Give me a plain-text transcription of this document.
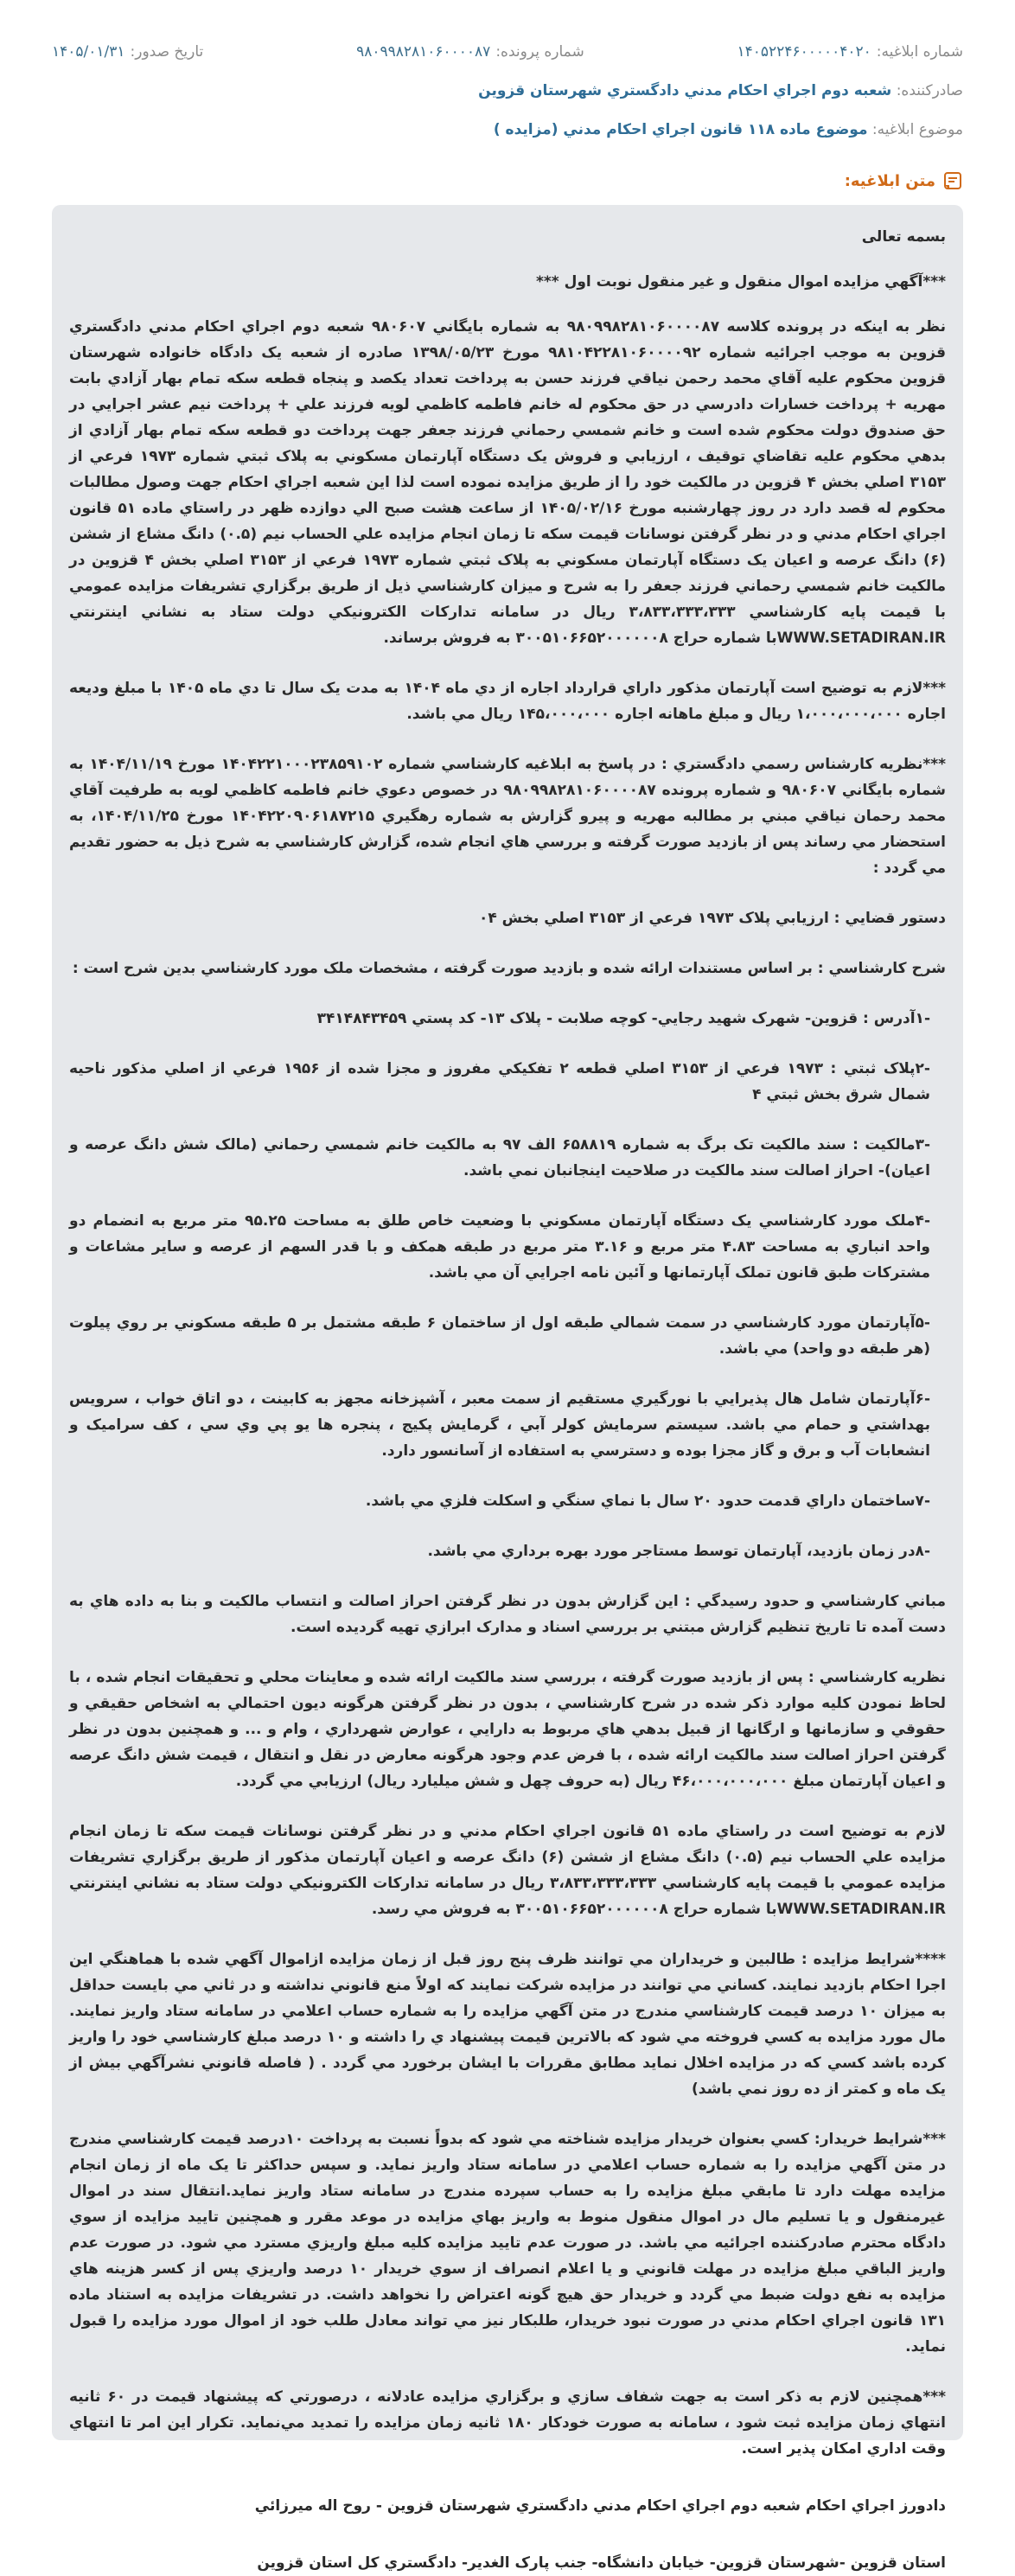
شماره ابلاغيه:
۱۴۰۵۲۲۴۶۰۰۰۰۰۴۰۲۰
شماره پرونده:
۹۸۰۹۹۸۲۸۱۰۶۰۰۰۰۸۷
تاريخ صدور:
۱۴۰۵/۰۱/۳۱
صادرکننده: شعبه دوم اجراي احکام مدني دادگستري شهرستان قزوين
موضوع ابلاغيه: موضوع ماده ۱۱۸ قانون اجراي احکام مدني (مزايده )
متن ابلاغيه:

بسمه تعالی

***آگهي مزايده اموال منقول و غير منقول نوبت اول ***

نظر به اينکه در پرونده کلاسه ۹۸۰۹۹۸۲۸۱۰۶۰۰۰۰۸۷ به شماره بايگاني ۹۸۰۶۰۷ شعبه دوم اجراي احکام مدني دادگستري قزوين به موجب اجرائيه شماره ۹۸۱۰۴۲۲۸۱۰۶۰۰۰۰۹۲ مورخ ۱۳۹۸/۰۵/۲۳ صادره از شعبه يک دادگاه خانواده شهرستان قزوين محکوم عليه آقاي محمد رحمن نياقي فرزند حسن به پرداخت تعداد يکصد و پنجاه قطعه سکه تمام بهار آزادي بابت مهريه + پرداخت خسارات دادرسي در حق محکوم له خانم فاطمه کاظمي لويه فرزند علي + پرداخت نيم عشر اجرايي در حق صندوق دولت محکوم شده است و خانم شمسي رحماني فرزند جعفر جهت پرداخت دو قطعه سکه تمام بهار آزادي از بدهي محکوم عليه تقاضاي توقيف ، ارزيابي و فروش يک دستگاه آپارتمان مسکوني به پلاک ثبتي شماره ۱۹۷۳ فرعي از ۳۱۵۳ اصلي بخش ۴ قزوين در مالکيت خود را از طريق مزايده نموده است لذا اين شعبه اجراي احکام جهت وصول مطالبات محکوم له قصد دارد در روز چهارشنبه مورخ ۱۴۰۵/۰۲/۱۶ از ساعت هشت صبح الي دوازده ظهر در راستاي ماده ۵۱ قانون اجراي احکام مدني و در نظر گرفتن نوسانات قيمت سکه تا زمان انجام مزايده علي الحساب نيم (۰.۵) دانگ مشاع از ششن (۶) دانگ عرصه و اعيان يک دستگاه آپارتمان مسکوني به پلاک ثبتي شماره ۱۹۷۳ فرعي از ۳۱۵۳ اصلي بخش ۴ قزوين در مالکيت خانم شمسي رحماني فرزند جعفر را به شرح و ميزان کارشناسي ذيل از طريق برگزاري تشريفات مزايده عمومي با قيمت پايه کارشناسي ۳،۸۳۳،۳۳۳،۳۳۳ ريال در سامانه تدارکات الکترونيکي دولت ستاد به نشاني اينترنتي WWW.SETADIRAN.IRبا شماره حراج ۳۰۰۵۱۰۶۶۵۲۰۰۰۰۰۰۸ به فروش برساند.

***لازم به توضيح است آپارتمان مذکور داراي قرارداد اجاره از دي ماه ۱۴۰۴ به مدت يک سال تا دي ماه ۱۴۰۵ با مبلغ وديعه اجاره ۱،۰۰۰،۰۰۰،۰۰۰ ريال و مبلغ ماهانه اجاره ۱۴۵،۰۰۰،۰۰۰ ريال مي باشد.

***نظريه کارشناس رسمي دادگستري : در پاسخ به ابلاغيه کارشناسي شماره ۱۴۰۴۲۲۱۰۰۰۲۳۸۵۹۱۰۲ مورخ ۱۴۰۴/۱۱/۱۹ به شماره بايگاني ۹۸۰۶۰۷ و شماره پرونده ۹۸۰۹۹۸۲۸۱۰۶۰۰۰۰۸۷ در خصوص دعوي خانم فاطمه کاظمي لويه به طرفيت آقاي محمد رحمان نياقي مبني بر مطالبه مهريه و پيرو گزارش به شماره رهگيري ۱۴۰۴۲۲۰۹۰۶۱۸۷۲۱۵ مورخ ۱۴۰۴/۱۱/۲۵، به استحضار مي رساند پس از بازديد صورت گرفته و بررسي هاي انجام شده، گزارش کارشناسي به شرح ذيل به حضور تقديم مي گردد :

دستور قضايي : ارزيابي پلاک ۱۹۷۳ فرعي از ۳۱۵۳ اصلي بخش ۰۴

شرح کارشناسي : بر اساس مستندات ارائه شده و بازديد صورت گرفته ، مشخصات ملک مورد کارشناسي بدين شرح است :

-۱آدرس : قزوين- شهرک شهيد رجايي- کوچه صلابت - پلاک ۱۳- کد پستي ۳۴۱۴۸۴۳۴۵۹

-۲پلاک ثبتي : ۱۹۷۳ فرعي از ۳۱۵۳ اصلي قطعه ۲ تفکيکي مفروز و مجزا شده از ۱۹۵۶ فرعي از اصلي مذکور ناحيه شمال شرق بخش ثبتي ۴

-۳مالکيت : سند مالکيت تک برگ به شماره ۶۵۸۸۱۹ الف ۹۷ به مالکيت خانم شمسي رحماني (مالک شش دانگ عرصه و اعيان)- احراز اصالت سند مالکيت در صلاحيت اينجانبان نمي باشد.

-۴ملک مورد کارشناسي يک دستگاه آپارتمان مسکوني با وضعيت خاص طلق به مساحت ۹۵.۲۵ متر مربع به انضمام دو واحد انباري به مساحت ۴.۸۳ متر مربع و ۳.۱۶ متر مربع در طبقه همکف و با قدر السهم از عرصه و ساير مشاعات و مشترکات طبق قانون تملک آپارتمانها و آئين نامه اجرايي آن مي باشد.

-۵آپارتمان مورد کارشناسي در سمت شمالي طبقه اول از ساختمان ۶ طبقه مشتمل بر ۵ طبقه مسکوني بر روي پيلوت (هر طبقه دو واحد) مي باشد.

-۶آپارتمان شامل هال پذيرايي با نورگيري مستقيم از سمت معبر ، آشپزخانه مجهز به کابينت ، دو اتاق خواب ، سرويس بهداشتي و حمام مي باشد. سيستم سرمايش کولر آبي ، گرمايش پکيج ، پنجره ها يو پي وي سي ، کف سراميک و انشعابات آب و برق و گاز مجزا بوده و دسترسي به استفاده از آسانسور دارد.

-۷ساختمان داراي قدمت حدود ۲۰ سال با نماي سنگي و اسکلت فلزي مي باشد.

-۸در زمان بازديد، آپارتمان توسط مستاجر مورد بهره برداري مي باشد.

مباني کارشناسي و حدود رسيدگي : اين گزارش بدون در نظر گرفتن احراز اصالت و انتساب مالکيت و بنا به داده هاي به دست آمده تا تاريخ تنظيم گزارش مبتني بر بررسي اسناد و مدارک ابرازي تهيه گرديده است.

نظريه کارشناسي : پس از بازديد صورت گرفته ، بررسي سند مالکيت ارائه شده و معاينات محلي و تحقيقات انجام شده ، با لحاظ نمودن کليه موارد ذکر شده در شرح کارشناسي ، بدون در نظر گرفتن هرگونه ديون احتمالي به اشخاص حقيقي و حقوقي و سازمانها و ارگانها از قبيل بدهي هاي مربوط به دارايي ، عوارض شهرداري ، وام و ... و همچنين بدون در نظر گرفتن احراز اصالت سند مالکيت ارائه شده ، با فرض عدم وجود هرگونه معارض در نقل و انتقال ، قيمت شش دانگ عرصه و اعيان آپارتمان مبلغ ۴۶،۰۰۰،۰۰۰،۰۰۰ ريال (به حروف چهل و شش ميليارد ريال) ارزيابي مي گردد.

لازم به توضيح است در راستاي ماده ۵۱ قانون اجراي احکام مدني و در نظر گرفتن نوسانات قيمت سکه تا زمان انجام مزايده علي الحساب نيم (۰.۵) دانگ مشاع از ششن (۶) دانگ عرصه و اعيان آپارتمان مذکور از طريق برگزاري تشريفات مزايده عمومي با قيمت پايه کارشناسي ۳،۸۳۳،۳۳۳،۳۳۳ ريال در سامانه تدارکات الکترونيکي دولت ستاد به نشاني اينترنتي WWW.SETADIRAN.IRبا شماره حراج ۳۰۰۵۱۰۶۶۵۲۰۰۰۰۰۰۸ به فروش مي رسد.

****شرايط مزايده : طالبين و خريداران مي توانند ظرف پنج روز قبل از زمان مزايده ازاموال آگهي شده با هماهنگي اين اجرا احکام بازديد نمايند. کساني مي توانند در مزايده شرکت نمايند که اولاً منع قانوني نداشته و در ثاني مي بايست حداقل به ميزان ۱۰ درصد قيمت کارشناسي مندرج در متن آگهي مزايده را به شماره حساب اعلامي در سامانه ستاد واريز نمايند. مال مورد مزايده به کسي فروخته مي شود که بالاترين قيمت پيشنهاد ي را داشته و ۱۰ درصد مبلغ کارشناسي خود را واريز کرده باشد کسي که در مزايده اخلال نمايد مطابق مقررات با ايشان برخورد مي گردد . ( فاصله قانوني نشرآگهي بيش از يک ماه و کمتر از ده روز نمي باشد)

***شرايط خريدار: کسي بعنوان خريدار مزايده شناخته مي شود که بدواً نسبت به پرداخت ۱۰درصد قيمت کارشناسي مندرج در متن آگهي مزايده را به شماره حساب اعلامي در سامانه ستاد واريز نمايد. و سپس حداکثر تا يک ماه از زمان انجام مزايده مهلت دارد تا مابقي مبلغ مزايده را به حساب سپرده مندرج در سامانه ستاد واريز نمايد.انتقال سند در اموال غيرمنقول و يا تسليم مال در اموال منقول منوط به واريز بهاي مزايده در موعد مقرر و همچنين تاييد مزايده از سوي دادگاه محترم صادرکننده اجرائيه مي باشد. در صورت عدم تاييد مزايده کليه مبلغ واريزي مسترد مي شود. در صورت عدم واريز الباقي مبلغ مزايده در مهلت قانوني و يا اعلام انصراف از سوي خريدار ۱۰ درصد واريزي پس از کسر هزينه هاي مزايده به نفع دولت ضبط مي گردد و خريدار حق هيچ گونه اعتراض را نخواهد داشت. در تشريفات مزايده به استناد ماده ۱۳۱ قانون اجراي احکام مدني در صورت نبود خريدار، طلبکار نيز مي تواند معادل طلب خود از اموال مورد مزايده را قبول نمايد.

***همچنين لازم به ذکر است به جهت شفاف سازي و برگزاري مزايده عادلانه ، درصورتي که پيشنهاد قيمت در ۶۰ ثانيه انتهاي زمان مزايده ثبت شود ، سامانه به صورت خودکار ۱۸۰ ثانيه زمان مزايده را تمديد مي‌نمايد. تکرار اين امر تا انتهاي وقت اداري امکان پذير است.

دادورز اجراي احکام شعبه دوم اجراي احکام مدني دادگستري شهرستان قزوين - روح اله ميرزائي

استان قزوين -شهرستان قزوين- خيابان دانشگاه- جنب پارک الغدير- دادگستري کل استان قزوين
